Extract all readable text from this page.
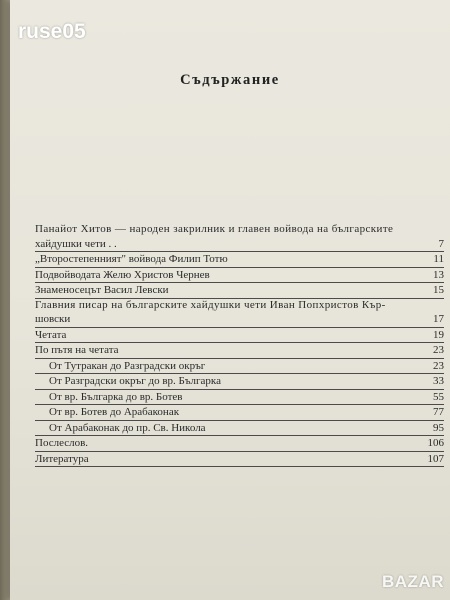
Съдържание
Панайот Хитов — народен закрилник и главен войвода на българските
хайдушки чети . .	7
„Второстепенният" войвода Филип Тотю	11
Подвойводата Желю Христов Чернев	13
Знаменосецът Васил Левски	15
Главния писар на българските хайдушки чети Иван Попхристов Кър-
шовски	17
Четата	19
По пътя на четата	23
От Тутракан до Разградски окръг	23
От Разградски окръг до вр. Българка	33
От вр. Българка до вр. Ботев	55
От вр. Ботев до Арабаконак	77
От Арабаконак до пр. Св. Никола	95
Послеслов.	106
Литература	107
ruse05
BAZAR
